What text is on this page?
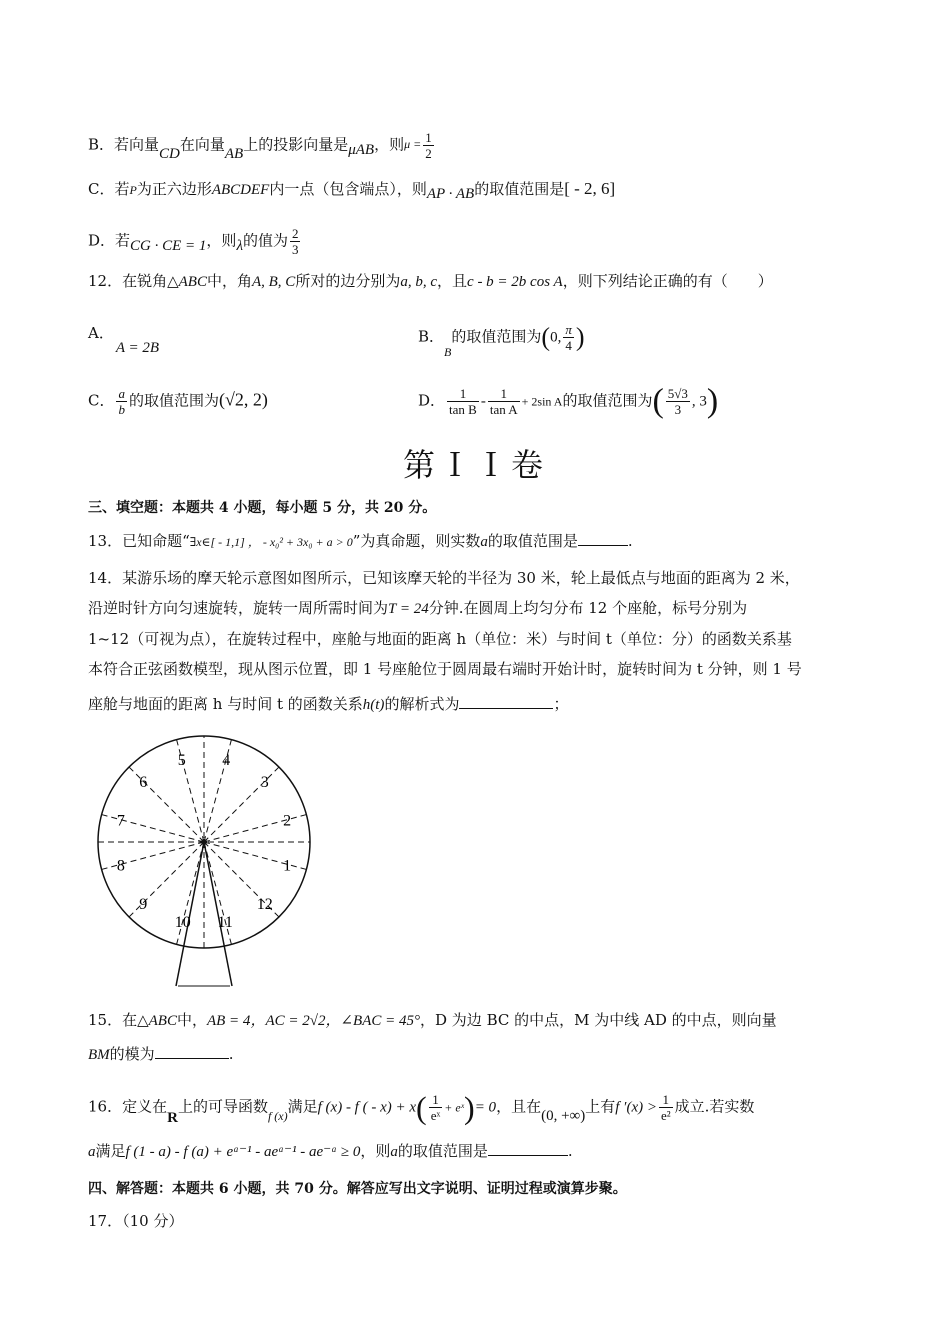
B．若向量CD在向量AB上的投影向量是μAB，则$\mu = \frac{1}{2}$
C．若P为正六边形ABCDEF内一点（包含端点），则AP · AB的取值范围是[ - 2, 6]
D．若CG · CE = 1，则λ的值为 $\frac{2}{3}$
12．在锐角△ABC中，角A, B, C所对的边分别为a, b, c，且c - b = 2b cos A，则下列结论正确的有（　　）
A．A = 2B
B．$_B$的取值范围为(0, $\frac{\pi}{4}$ )
C． $\frac{a}{b}$ 的取值范围为(√2, 2)	D． $\frac{1}{\text{tan B}} - \frac{1}{\text{tan A}} + 2\sin$ A的取值范围为( $\frac{5√3}{3}$ , 3)
第ＩＩ卷
三、填空题：本题共 4 小题，每小题 5 分，共 20 分。
13．已知命题“∃x∈[ - 1,1] ， - x₀² + 3x₀ + a > 0”为真命题，则实数a的取值范围是	.
14．某游乐场的摩天轮示意图如图所示，已知该摩天轮的半径为 30 米，轮上最低点与地面的距离为 2 米，
沿逆时针方向匀速旋转，旋转一周所需时间为T = 24分钟.在圆周上均匀分布 12 个座舱，标号分别为
1~12（可视为点），在旋转过程中，座舱与地面的距离 h（单位：米）与时间 t（单位：分）的函数关系基
本符合正弦函数模型，现从图示位置，即 1 号座舱位于圆周最右端时开始计时，旋转时间为 t 分钟，则 1 号
座舱与地面的距离 h 与时间 t 的函数关系h(t)的解析式为	；
1
2
3
4
5
6
7
8
9
10 11
12
15．在△ABC中，AB = 4，AC = 2√2，∠BAC = 45°，D 为边 BC 的中点，M 为中线 AD 的中点，则向量
BM的模为	.
16．定义在R上的可导函数$_{f (x)}$满足f (x) - f ( - $x) + x( \frac{1}{\text{eˣ}}$ + eˣ)= 0，且在(0, +∞)上有f $'(x) > \frac{1}{\text{e²}}$ 成立.若实数
a满足f (1 - a) - f (a) + eᵃ⁻¹ - aeᵃ⁻¹ - ae⁻ᵃ ≥ 0，则a的取值范围是	.
四、解答题：本题共 6 小题，共 70 分。解答应写出文字说明、证明过程或演算步聚。
17．（10 分）
